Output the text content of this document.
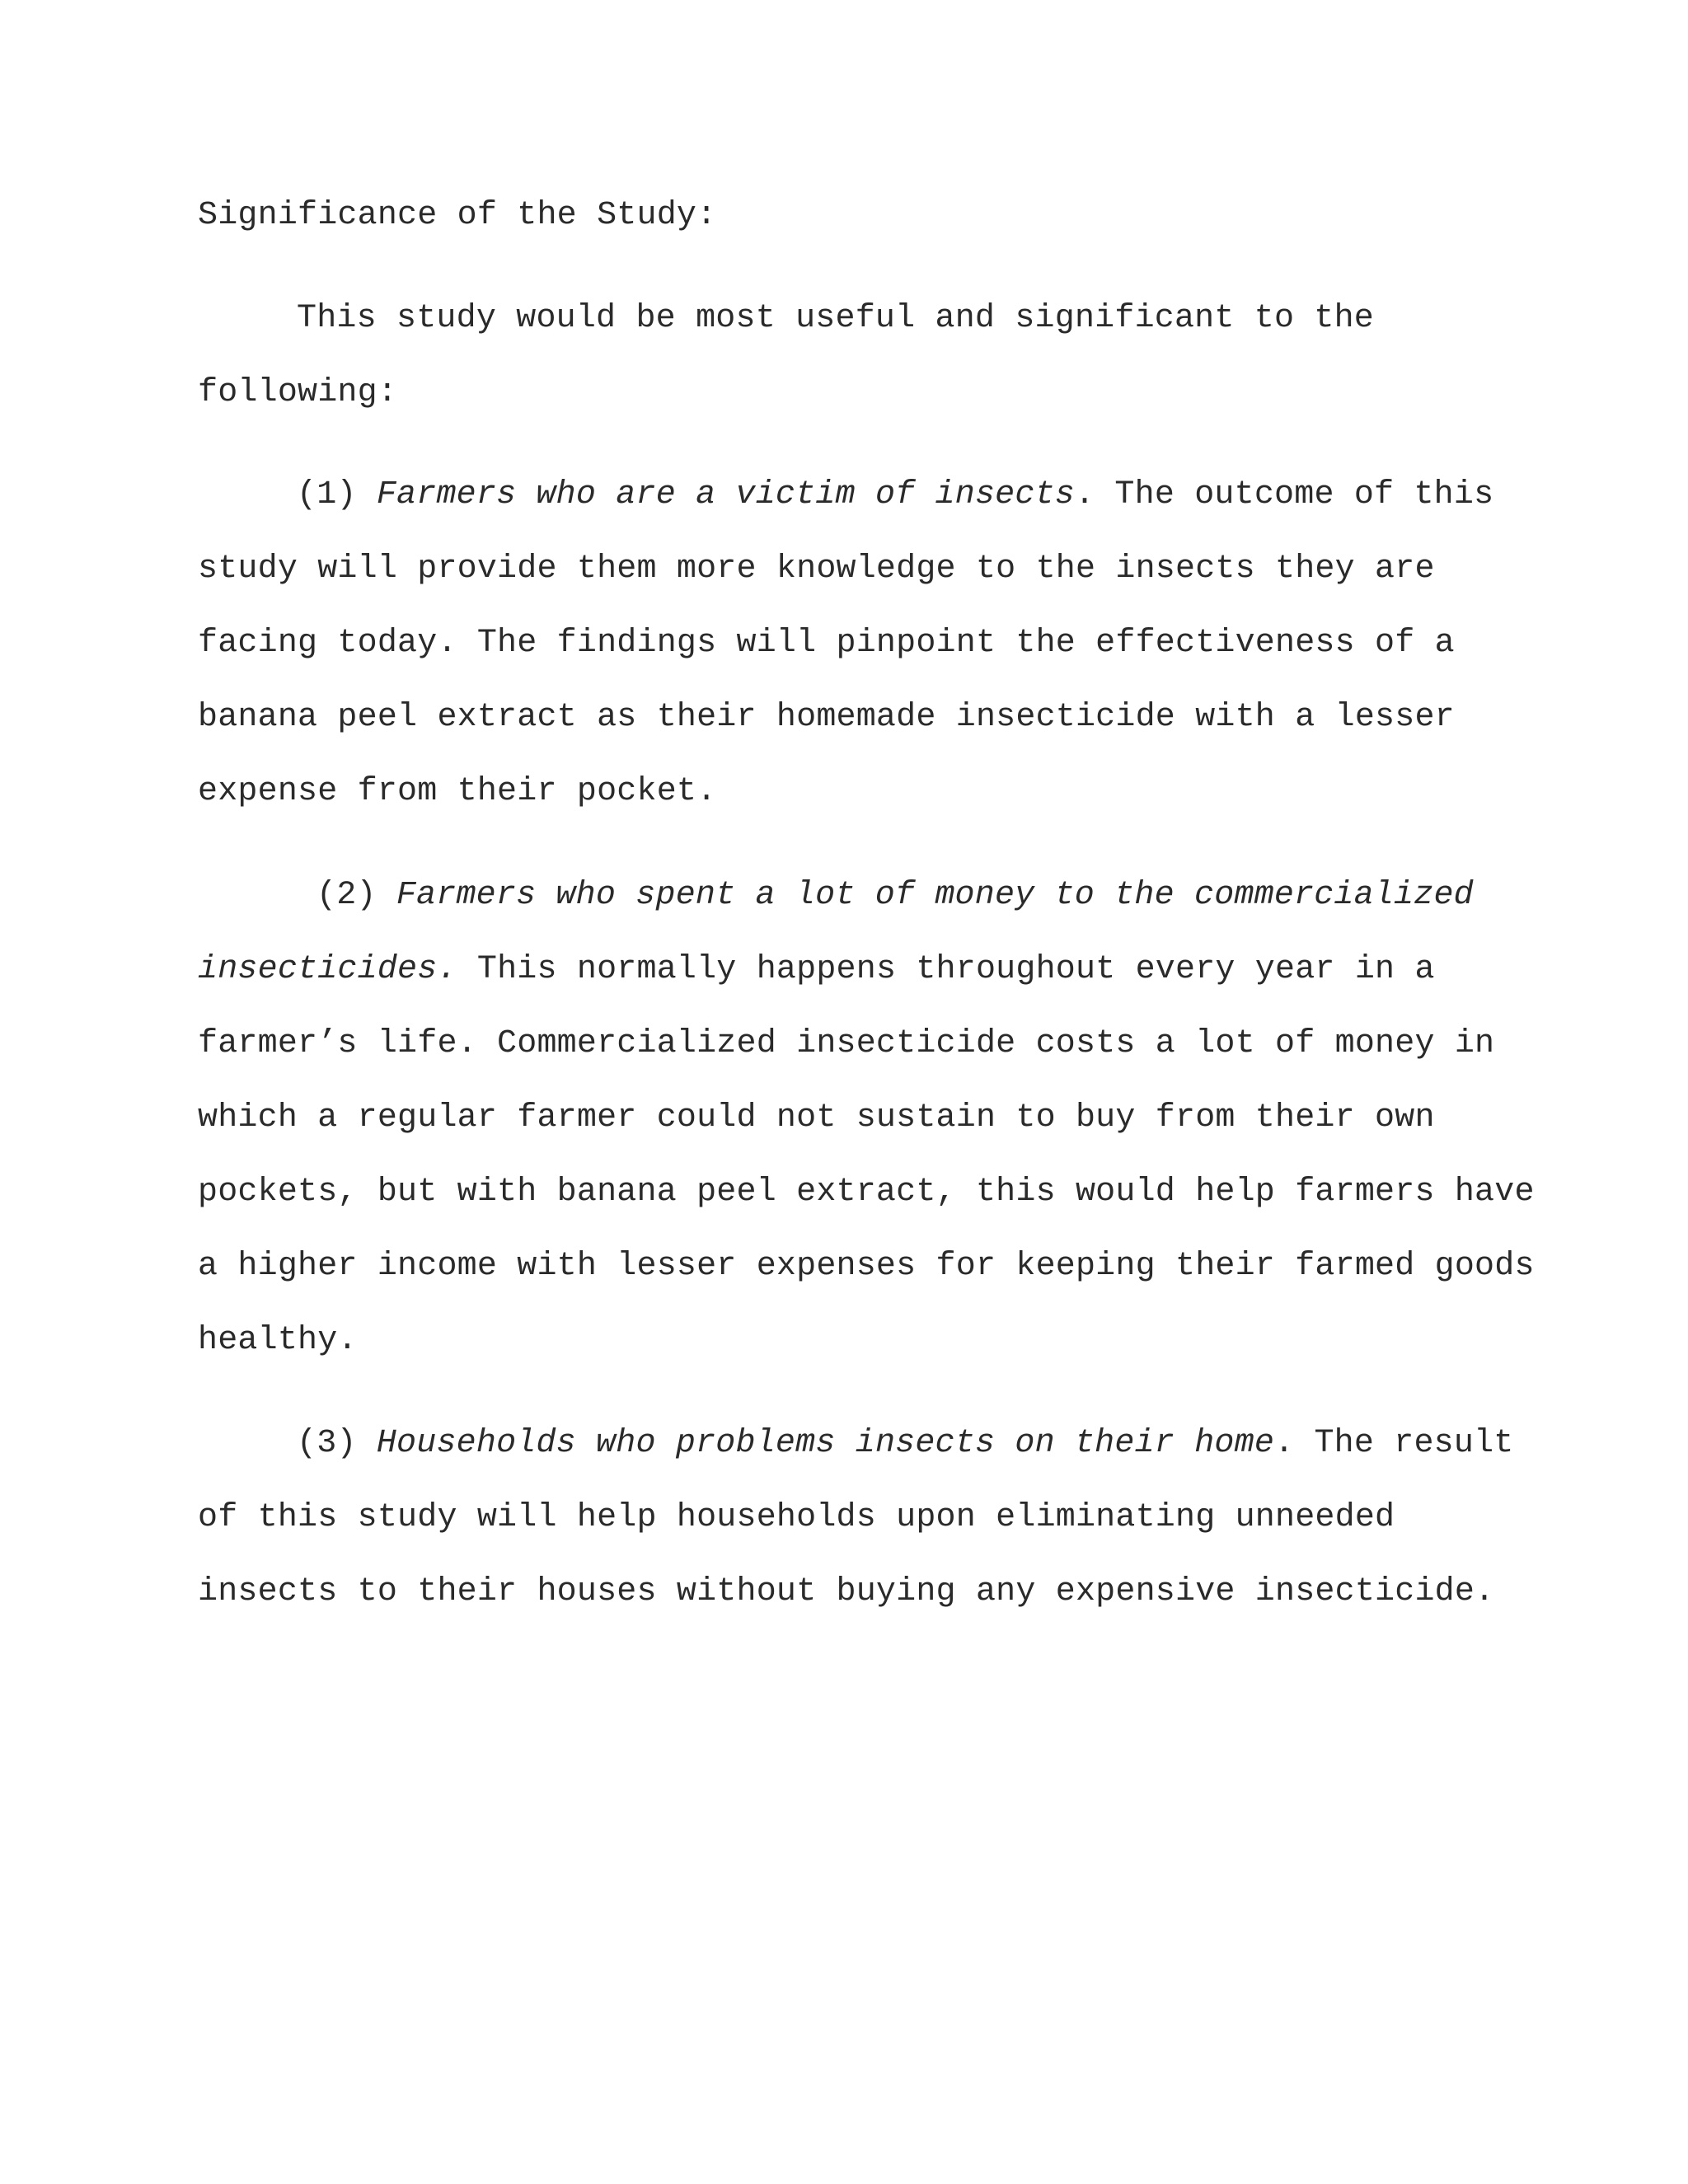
Significance of the Study:

This study would be most useful and significant to the following:

(1) Farmers who are a victim of insects. The outcome of this study will provide them more knowledge to the insects they are facing today. The findings will pinpoint the effectiveness of a banana peel extract as their homemade insecticide with a lesser expense from their pocket.

(2) Farmers who spent a lot of money to the commercialized insecticides. This normally happens throughout every year in a farmer’s life. Commercialized insecticide costs a lot of money in which a regular farmer could not sustain to buy from their own pockets, but with banana peel extract, this would help farmers have a higher income with lesser expenses for keeping their farmed goods healthy.

(3) Households who problems insects on their home. The result of this study will help households upon eliminating unneeded insects to their houses without buying any expensive insecticide.
